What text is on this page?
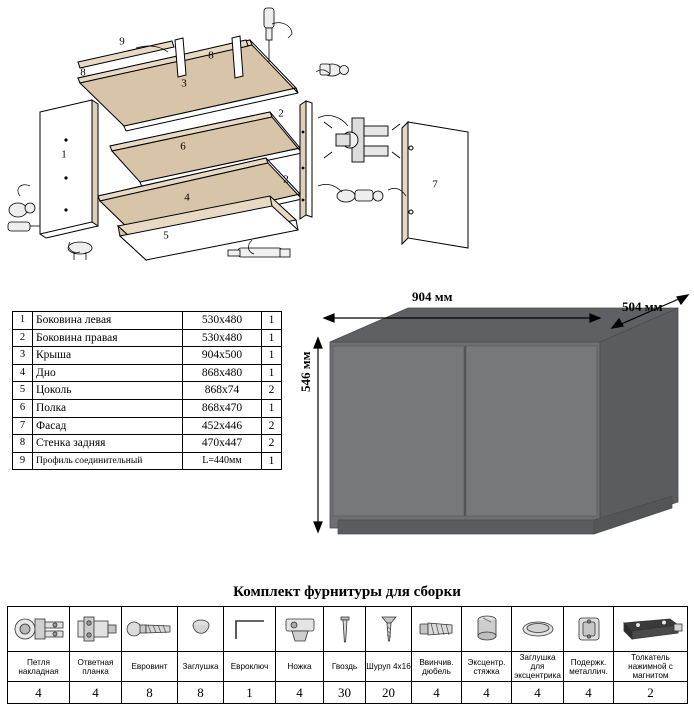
9
8
8
3
1
6
4
5
2
2	7
1	Боковина левая	530х480	1
2	Боковина правая	530х480	1
3	Крыша	904х500	1
4	Дно	868х480	1
5	Цоколь	868х74	2
6	Полка	868х470	1
7	Фасад	452х446	2
8	Стенка задняя	470х447	2
9	Профиль соединительный	L=440мм	1
904 мм
504 мм
546 мм
Комплект фурнитуры для сборки

Петля накладная	Ответная планка	Евровинт	Заглушка	Евроключ	Ножка	Гвоздь	Шуруп 4х16	Ввинчив. дюбель	Эксцентр. стяжка	Заглушка для эксцентрика	Подержк. металлич.	Толкатель нажимной с магнитом
4	4	8	8	1	4	30	20	4	4	4	4	2
